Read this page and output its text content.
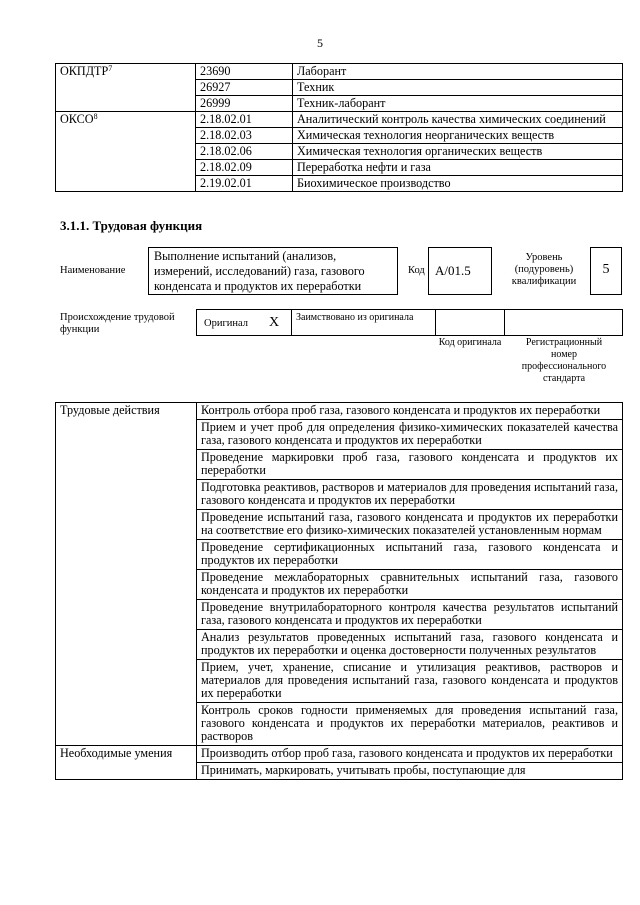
5
ОКПДТР$^7$	23690	Лаборант
	26927	Техник
	26999	Техник-лаборант
ОКСО$^8$	2.18.02.01	Аналитический контроль качества химических соединений
	2.18.02.03	Химическая технология неорганических веществ
	2.18.02.06	Химическая технология органических веществ
	2.18.02.09	Переработка нефти и газа
	2.19.02.01	Биохимическое производство
3.1.1. Трудовая функция
Наименование
Выполнение испытаний (анализов, измерений, исследований) газа, газового конденсата и продуктов их переработки
Код A/01.5
Уровень (подуровень) квалификации
5
Происхождение трудовой функции
Оригинал X	Заимствовано из оригинала
Код оригинала	Регистрационный номер профессионального стандарта
Трудовые действия	Контроль отбора проб газа, газового конденсата и продуктов их переработки
	Прием и учет проб для определения физико-химических показателей качества газа, газового конденсата и продуктов их переработки
	Проведение маркировки проб газа, газового конденсата и продуктов их переработки
	Подготовка реактивов, растворов и материалов для проведения испытаний газа, газового конденсата и продуктов их переработки
	Проведение испытаний газа, газового конденсата и продуктов их переработки на соответствие его физико-химических показателей установленным нормам
	Проведение сертификационных испытаний газа, газового конденсата и продуктов их переработки
	Проведение межлабораторных сравнительных испытаний газа, газового конденсата и продуктов их переработки
	Проведение внутрилабораторного контроля качества результатов испытаний газа, газового конденсата и продуктов их переработки
	Анализ результатов проведенных испытаний газа, газового конденсата и продуктов их переработки и оценка достоверности полученных результатов
	Прием, учет, хранение, списание и утилизация реактивов, растворов и материалов для проведения испытаний газа, газового конденсата и продуктов их переработки
	Контроль сроков годности применяемых для проведения испытаний газа, газового конденсата и продуктов их переработки материалов, реактивов и растворов
Необходимые умения	Производить отбор проб газа, газового конденсата и продуктов их переработки
	Принимать, маркировать, учитывать пробы, поступающие для
